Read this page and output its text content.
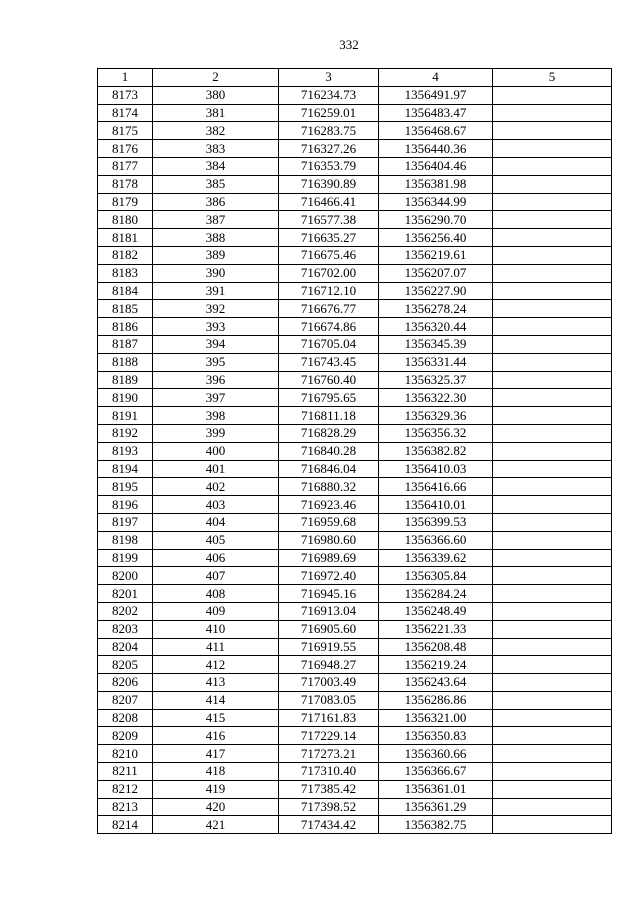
332
1	2	3	4	5
8173	380	716234.73	1356491.97	
8174	381	716259.01	1356483.47	
8175	382	716283.75	1356468.67	
8176	383	716327.26	1356440.36	
8177	384	716353.79	1356404.46	
8178	385	716390.89	1356381.98	
8179	386	716466.41	1356344.99	
8180	387	716577.38	1356290.70	
8181	388	716635.27	1356256.40	
8182	389	716675.46	1356219.61	
8183	390	716702.00	1356207.07	
8184	391	716712.10	1356227.90	
8185	392	716676.77	1356278.24	
8186	393	716674.86	1356320.44	
8187	394	716705.04	1356345.39	
8188	395	716743.45	1356331.44	
8189	396	716760.40	1356325.37	
8190	397	716795.65	1356322.30	
8191	398	716811.18	1356329.36	
8192	399	716828.29	1356356.32	
8193	400	716840.28	1356382.82	
8194	401	716846.04	1356410.03	
8195	402	716880.32	1356416.66	
8196	403	716923.46	1356410.01	
8197	404	716959.68	1356399.53	
8198	405	716980.60	1356366.60	
8199	406	716989.69	1356339.62	
8200	407	716972.40	1356305.84	
8201	408	716945.16	1356284.24	
8202	409	716913.04	1356248.49	
8203	410	716905.60	1356221.33	
8204	411	716919.55	1356208.48	
8205	412	716948.27	1356219.24	
8206	413	717003.49	1356243.64	
8207	414	717083.05	1356286.86	
8208	415	717161.83	1356321.00	
8209	416	717229.14	1356350.83	
8210	417	717273.21	1356360.66	
8211	418	717310.40	1356366.67	
8212	419	717385.42	1356361.01	
8213	420	717398.52	1356361.29	
8214	421	717434.42	1356382.75	
